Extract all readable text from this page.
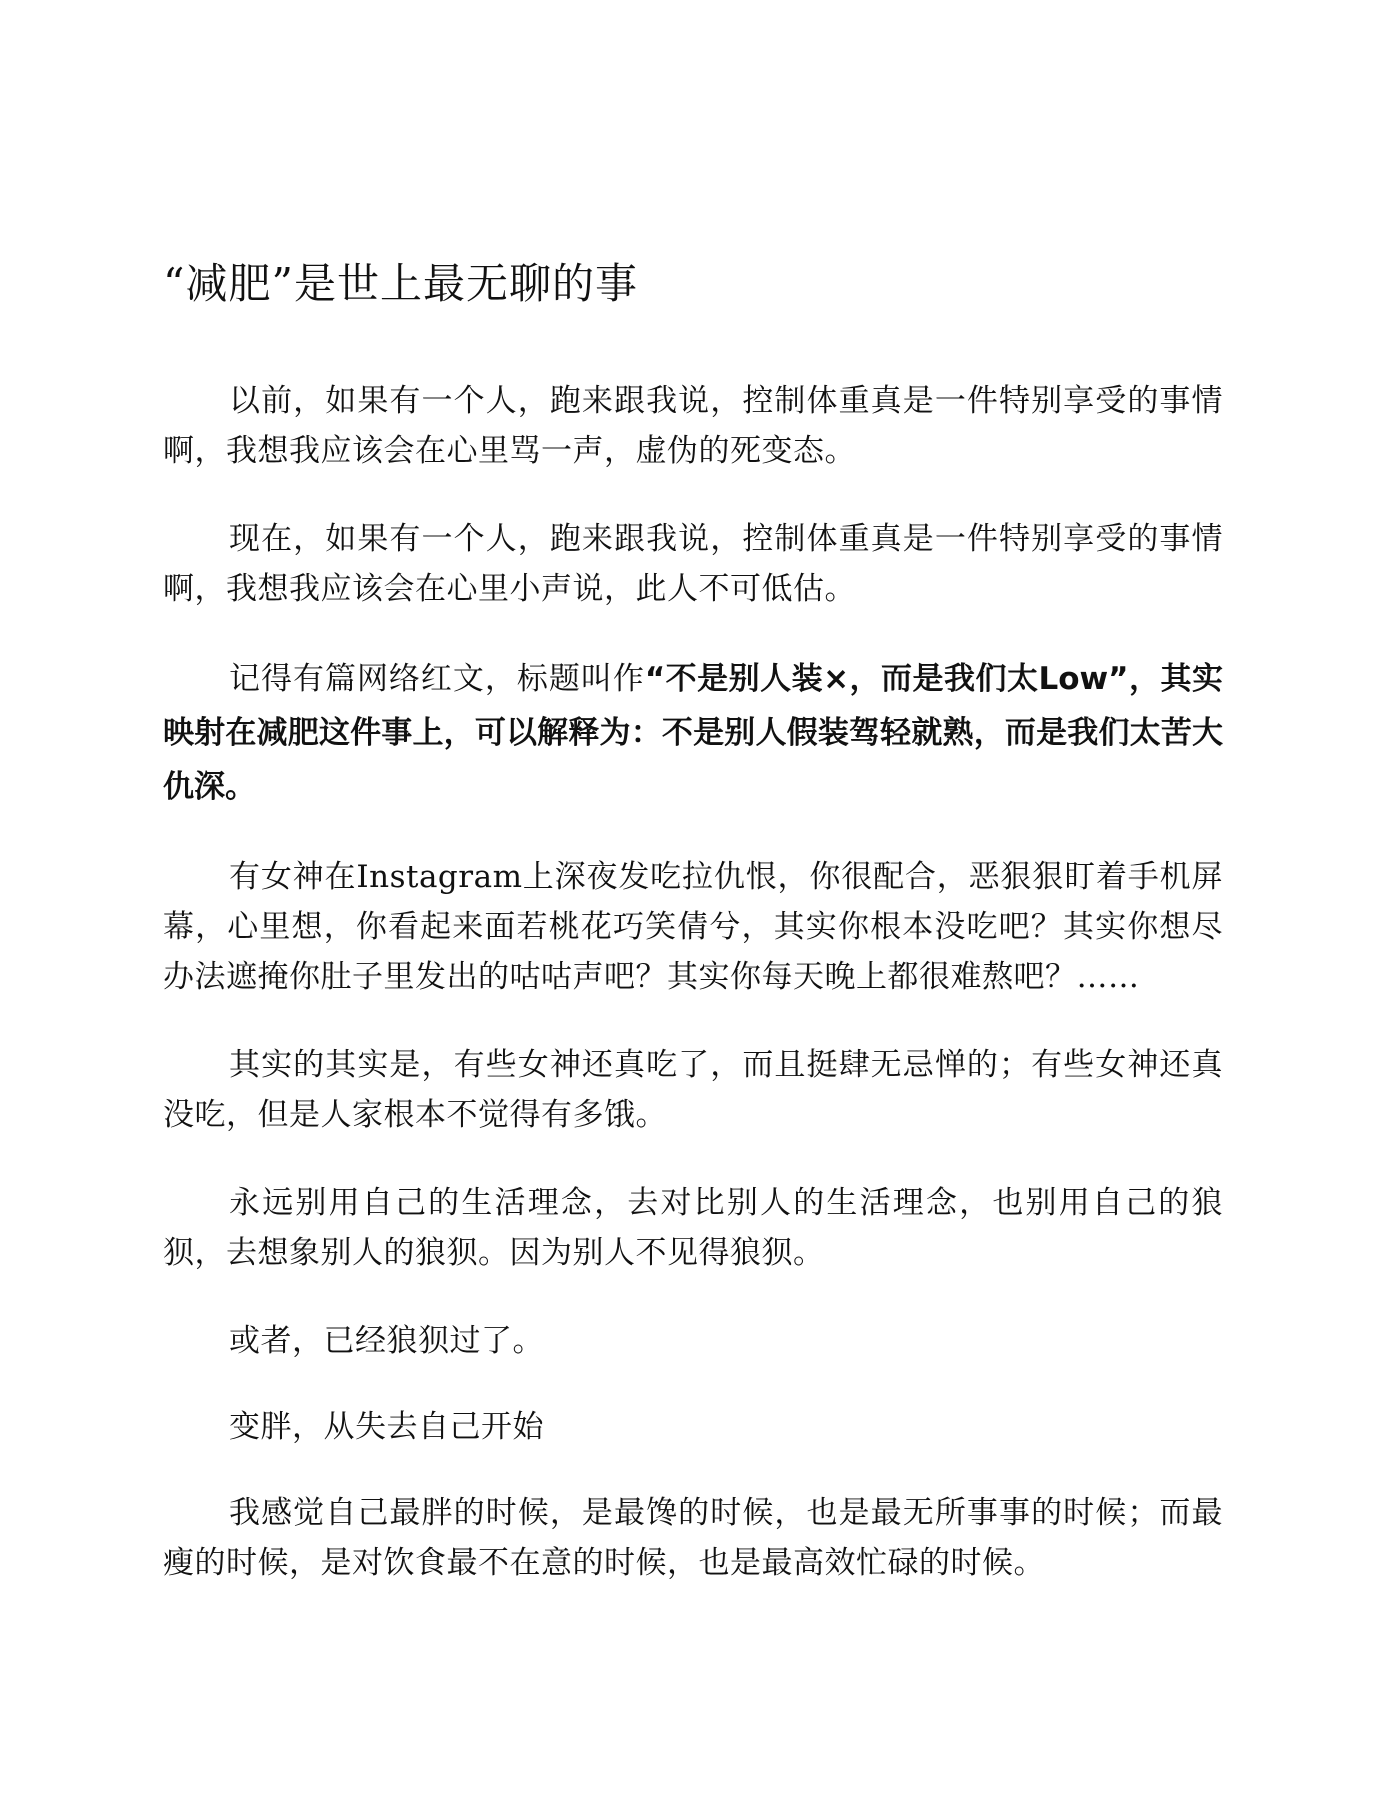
“减肥”是世上最无聊的事

以前，如果有一个人，跑来跟我说，控制体重真是一件特别享受的事情啊，我想我应该会在心里骂一声，虚伪的死变态。

现在，如果有一个人，跑来跟我说，控制体重真是一件特别享受的事情啊，我想我应该会在心里小声说，此人不可低估。

记得有篇网络红文，标题叫作“不是别人装×，而是我们太Low”，其实映射在减肥这件事上，可以解释为：不是别人假装驾轻就熟，而是我们太苦大仇深。

有女神在Instagram上深夜发吃拉仇恨，你很配合，恶狠狠盯着手机屏幕，心里想，你看起来面若桃花巧笑倩兮，其实你根本没吃吧？其实你想尽办法遮掩你肚子里发出的咕咕声吧？其实你每天晚上都很难熬吧？……

其实的其实是，有些女神还真吃了，而且挺肆无忌惮的；有些女神还真没吃，但是人家根本不觉得有多饿。

永远别用自己的生活理念，去对比别人的生活理念，也别用自己的狼狈，去想象别人的狼狈。因为别人不见得狼狈。

或者，已经狼狈过了。

变胖，从失去自己开始

我感觉自己最胖的时候，是最馋的时候，也是最无所事事的时候；而最瘦的时候，是对饮食最不在意的时候，也是最高效忙碌的时候。
